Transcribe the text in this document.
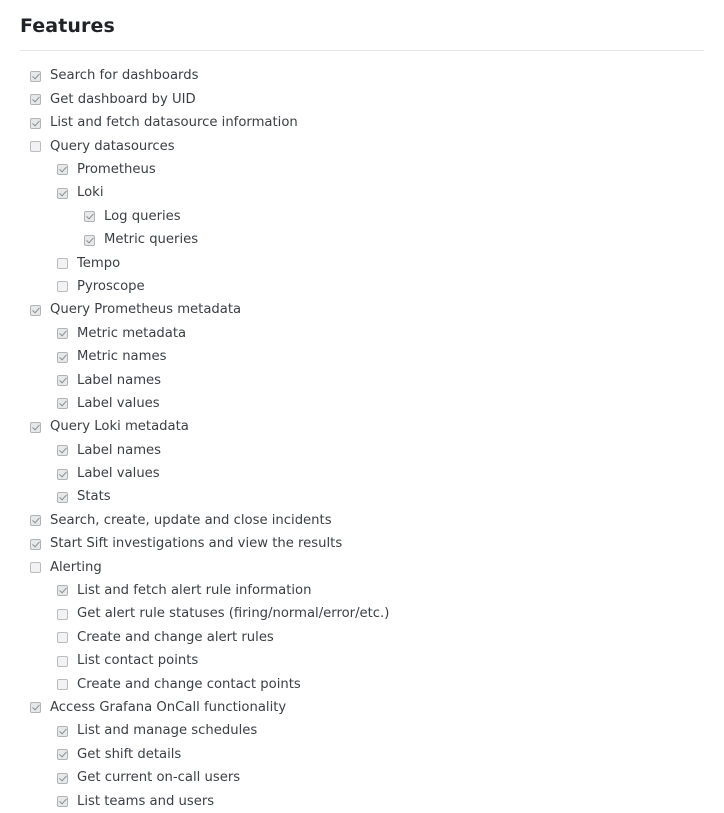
Features
Search for dashboards
Get dashboard by UID
List and fetch datasource information
Query datasources
Prometheus
Loki
Log queries
Metric queries
Tempo
Pyroscope
Query Prometheus metadata
Metric metadata
Metric names
Label names
Label values
Query Loki metadata
Label names
Label values
Stats
Search, create, update and close incidents
Start Sift investigations and view the results
Alerting
List and fetch alert rule information
Get alert rule statuses (firing/normal/error/etc.)
Create and change alert rules
List contact points
Create and change contact points
Access Grafana OnCall functionality
List and manage schedules
Get shift details
Get current on-call users
List teams and users
